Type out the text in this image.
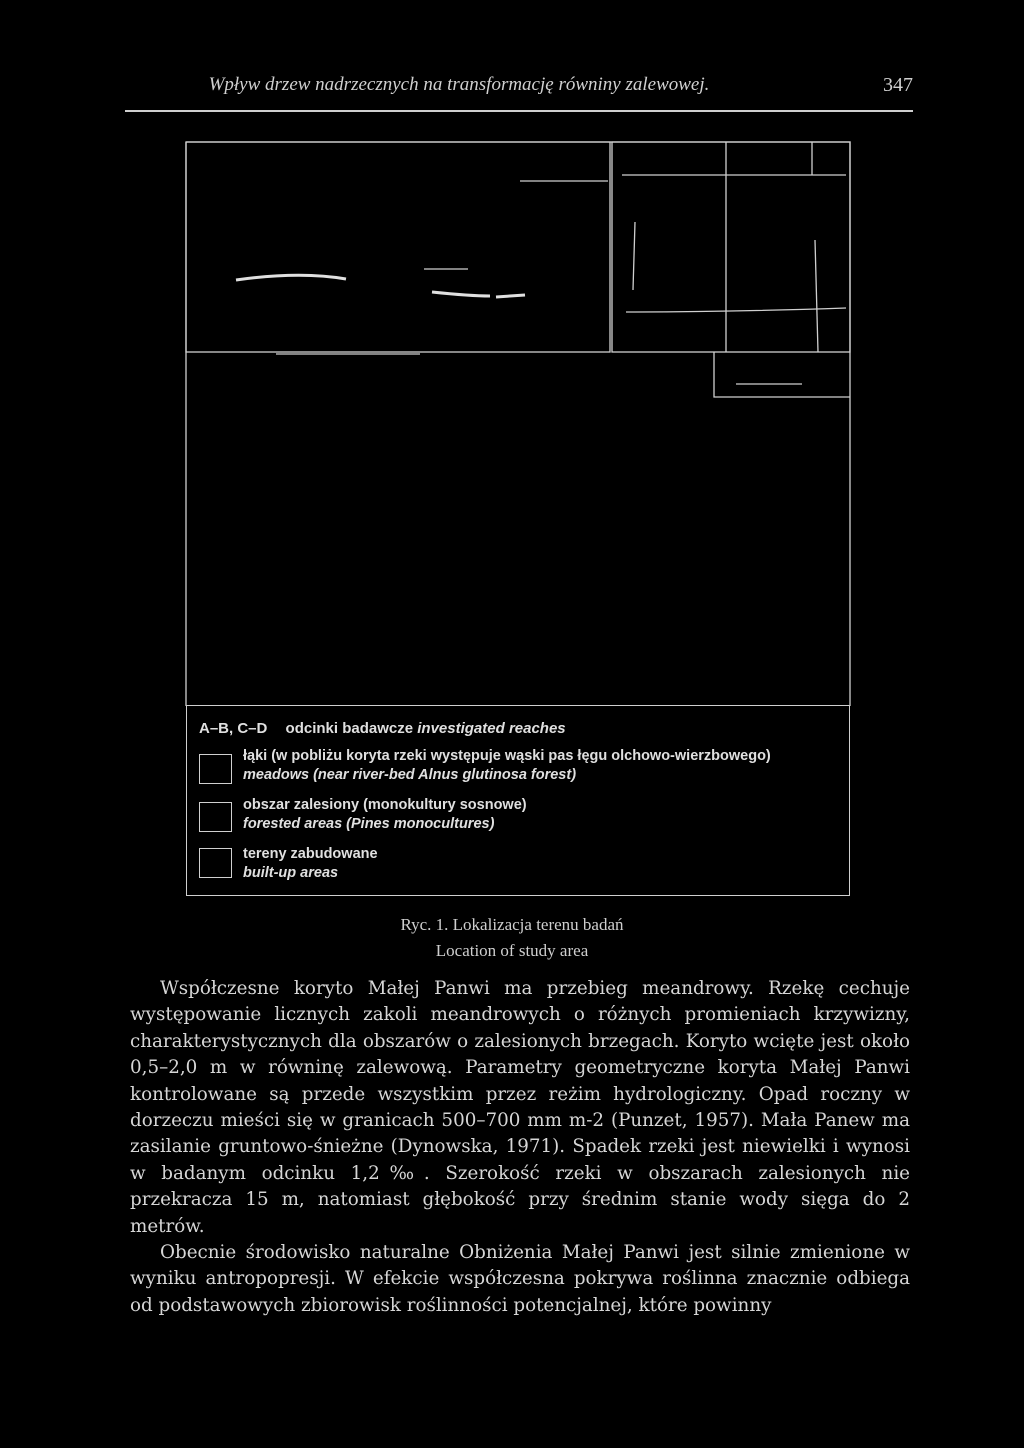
Wpływ drzew nadrzecznych na transformację równiny zalewowej.	347
A–B, C–D odcinki badawcze investigated reaches
łąki (w pobliżu koryta rzeki występuje wąski pas łęgu olchowo-wierzbowego)
meadows (near river-bed Alnus glutinosa forest)
obszar zalesiony (monokultury sosnowe)
forested areas (Pines monocultures)
tereny zabudowane
built-up areas
Ryc. 1. Lokalizacja terenu badań
Location of study area

Współczesne koryto Małej Panwi ma przebieg meandrowy. Rzekę cechuje występowanie licznych zakoli meandrowych o różnych promieniach krzywizny, charakterystycznych dla obszarów o zalesionych brzegach. Koryto wcięte jest około 0,5–2,0 m w równinę zalewową. Parametry geometryczne koryta Małej Panwi kontrolowane są przede wszystkim przez reżim hydrologiczny. Opad roczny w dorzeczu mieści się w granicach 500–700 mm m-2 (Punzet, 1957). Mała Panew ma zasilanie gruntowo-śnieżne (Dynowska, 1971). Spadek rzeki jest niewielki i wynosi w badanym odcinku 1,2‰. Szerokość rzeki w obszarach zalesionych nie przekracza 15 m, natomiast głębokość przy średnim stanie wody sięga do 2 metrów.

Obecnie środowisko naturalne Obniżenia Małej Panwi jest silnie zmienione w wyniku antropopresji. W efekcie współczesna pokrywa roślinna znacznie odbiega od podstawowych zbiorowisk roślinności potencjalnej, które powinny
